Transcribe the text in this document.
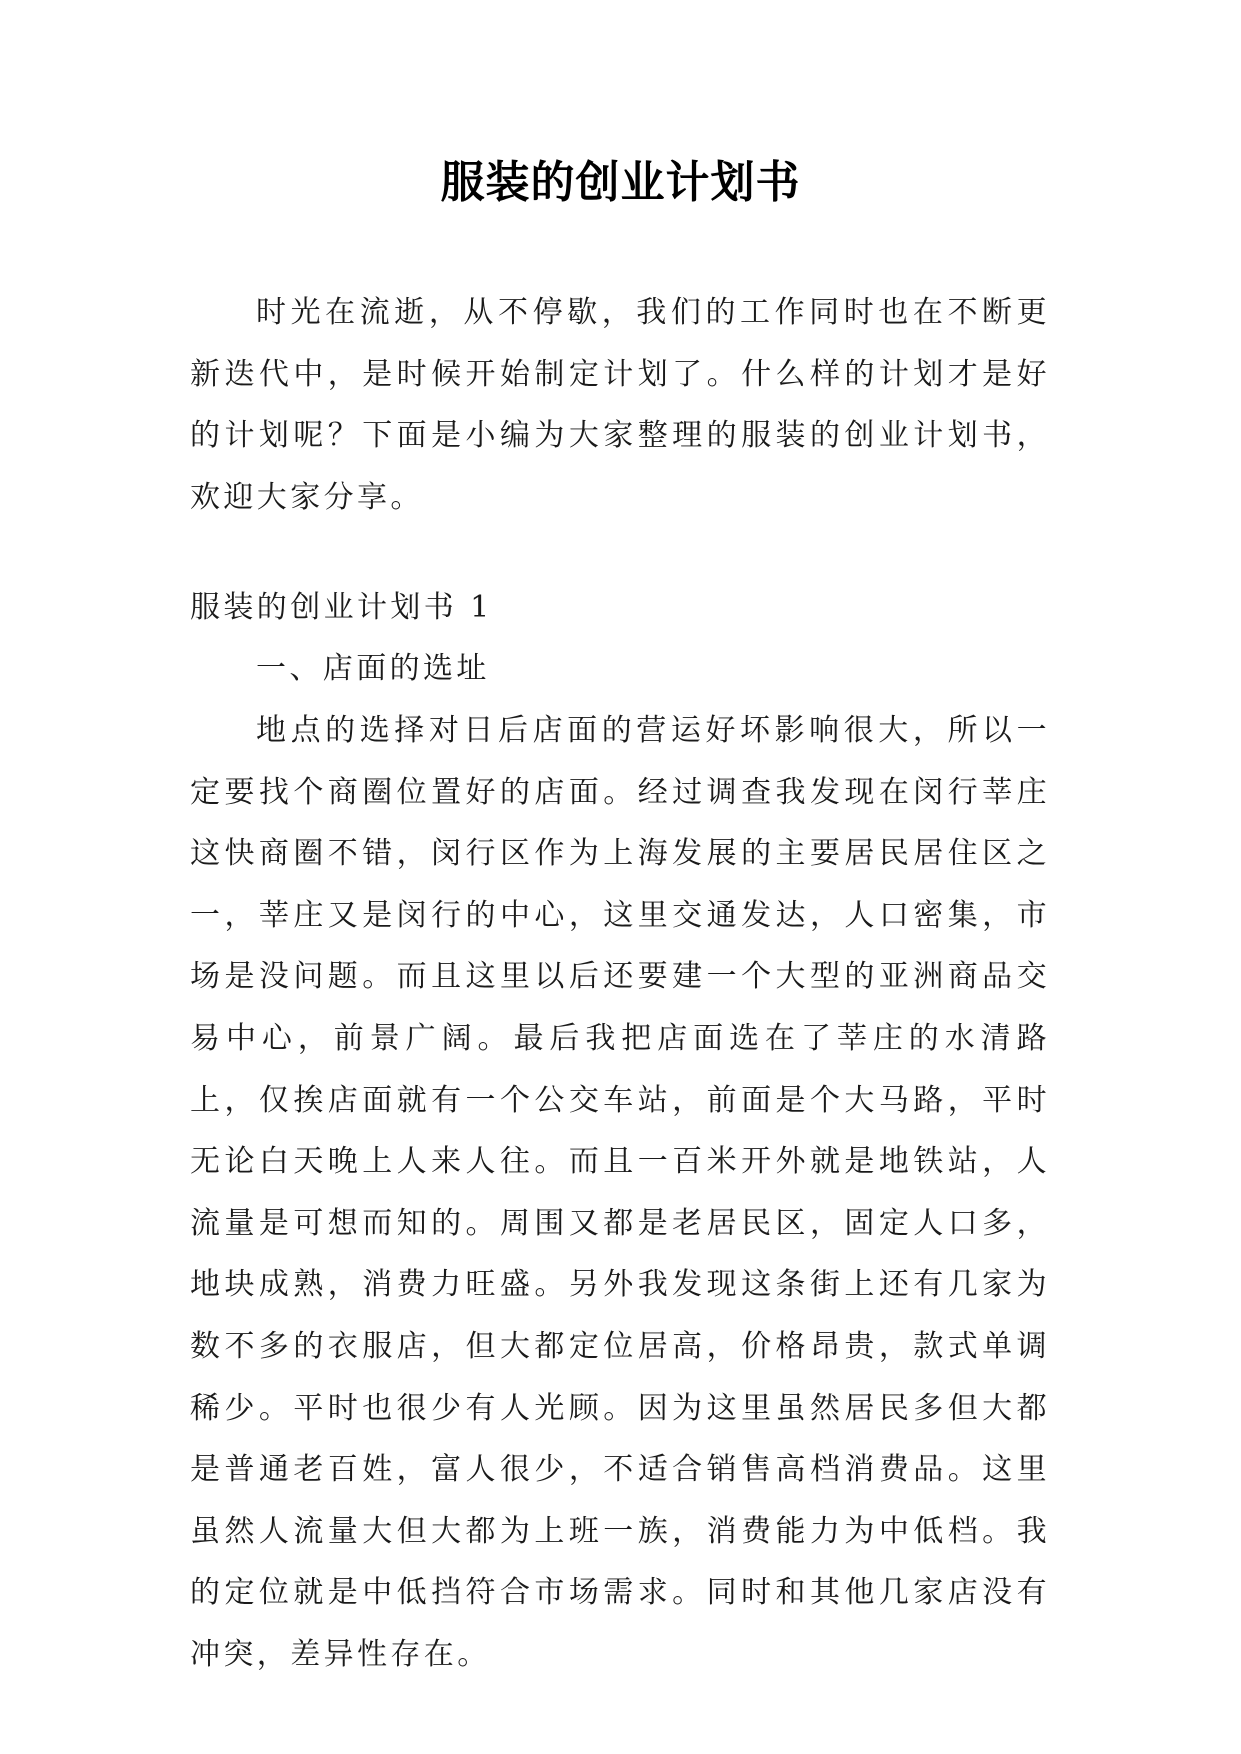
服装的创业计划书
时光在流逝，从不停歇，我们的工作同时也在不断更新迭代中，是时候开始制定计划了。什么样的计划才是好的计划呢？下面是小编为大家整理的服装的创业计划书，欢迎大家分享。
服装的创业计划书 1
一、店面的选址
地点的选择对日后店面的营运好坏影响很大，所以一定要找个商圈位置好的店面。经过调查我发现在闵行莘庄这快商圈不错，闵行区作为上海发展的主要居民居住区之一，莘庄又是闵行的中心，这里交通发达，人口密集，市场是没问题。而且这里以后还要建一个大型的亚洲商品交易中心，前景广阔。最后我把店面选在了莘庄的水清路上，仅挨店面就有一个公交车站，前面是个大马路，平时无论白天晚上人来人往。而且一百米开外就是地铁站，人流量是可想而知的。周围又都是老居民区，固定人口多，地块成熟，消费力旺盛。另外我发现这条街上还有几家为数不多的衣服店，但大都定位居高，价格昂贵，款式单调稀少。平时也很少有人光顾。因为这里虽然居民多但大都是普通老百姓，富人很少，不适合销售高档消费品。这里虽然人流量大但大都为上班一族，消费能力为中低档。我的定位就是中低挡符合市场需求。同时和其他几家店没有冲突，差异性存在。
